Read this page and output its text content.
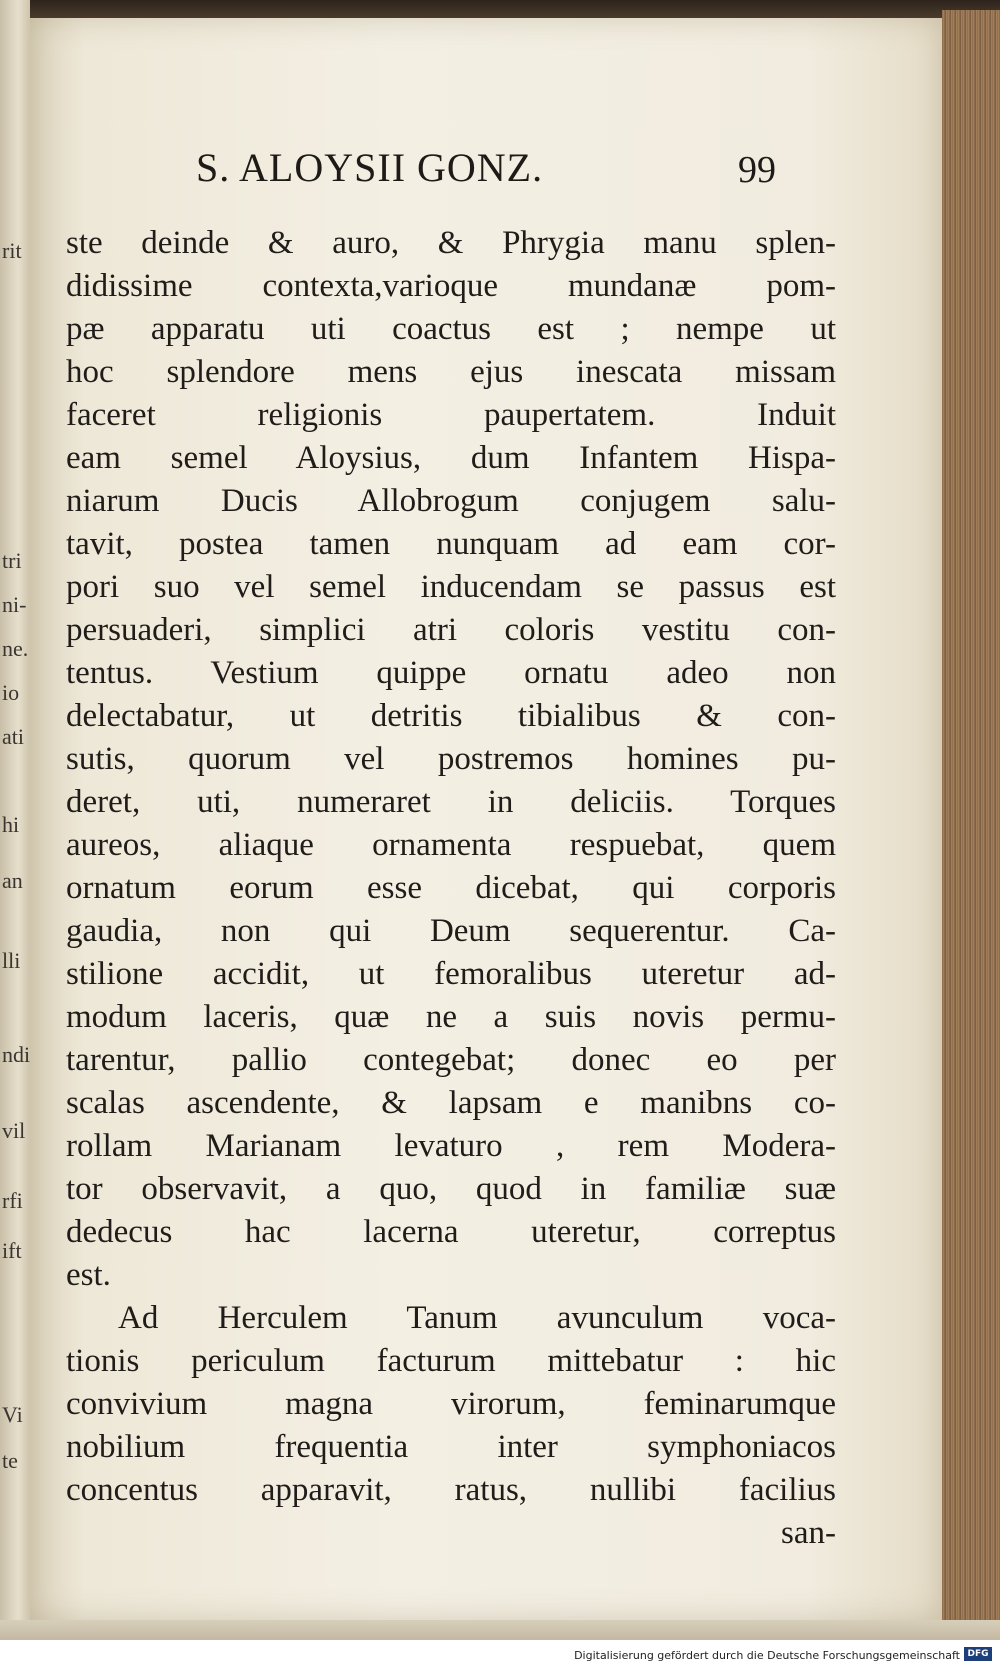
rit
tri
ni-
ne.
io
ati
hi
an
lli
ndi
vil
rfi
ift
Vi
te
S. ALOYSII GONZ.	99
ste deinde & auro, & Phrygia manu splen-
didissime contexta,varioque mundanæ pom-
pæ apparatu uti coactus est ; nempe ut
hoc splendore mens ejus inescata missam
faceret religionis paupertatem. Induit
eam semel Aloysius, dum Infantem Hispa-
niarum Ducis Allobrogum conjugem salu-
tavit, postea tamen nunquam ad eam cor-
pori suo vel semel inducendam se passus est
persuaderi, simplici atri coloris vestitu con-
tentus. Vestium quippe ornatu adeo non
delectabatur, ut detritis tibialibus & con-
sutis, quorum vel postremos homines pu-
deret, uti, numeraret in deliciis. Torques
aureos, aliaque ornamenta respuebat, quem
ornatum eorum esse dicebat, qui corporis
gaudia, non qui Deum sequerentur. Ca-
stilione accidit, ut femoralibus uteretur ad-
modum laceris, quæ ne a suis novis permu-
tarentur, pallio contegebat; donec eo per
scalas ascendente, & lapsam e manibns co-
rollam Marianam levaturo , rem Modera-
tor observavit, a quo, quod in familiæ suæ
dedecus hac lacerna uteretur, correptus
est.
Ad Herculem Tanum avunculum voca-
tionis periculum facturum mittebatur : hic
convivium magna virorum, feminarumque
nobilium frequentia inter symphoniacos
concentus apparavit, ratus, nullibi facilius
san-
Digitalisierung gefördert durch die Deutsche Forschungsgemeinschaft DFG
